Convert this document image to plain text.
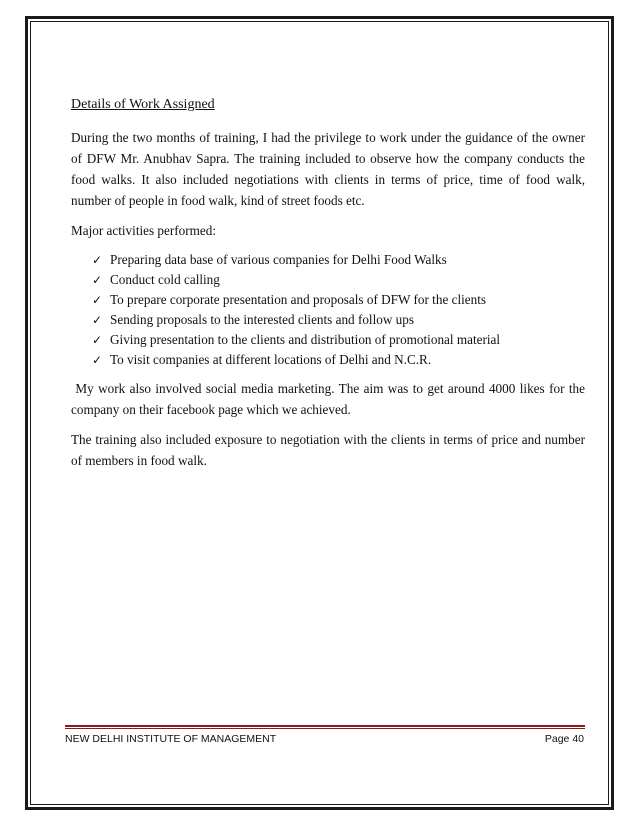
Details of Work Assigned

During the two months of training, I had the privilege to work under the guidance of the owner of DFW Mr. Anubhav Sapra. The training included to observe how the company conducts the food walks. It also included negotiations with clients in terms of price, time of food walk, number of people in food walk, kind of street foods etc.

Major activities performed:

✓ Preparing data base of various companies for Delhi Food Walks
✓ Conduct cold calling
✓ To prepare corporate presentation and proposals of DFW for the clients
✓ Sending proposals to the interested clients and follow ups
✓ Giving presentation to the clients and distribution of promotional material
✓ To visit companies at different locations of Delhi and N.C.R.

My work also involved social media marketing. The aim was to get around 4000 likes for the company on their facebook page which we achieved.

The training also included exposure to negotiation with the clients in terms of price and number of members in food walk.

NEW DELHI INSTITUTE OF MANAGEMENT	Page 40
